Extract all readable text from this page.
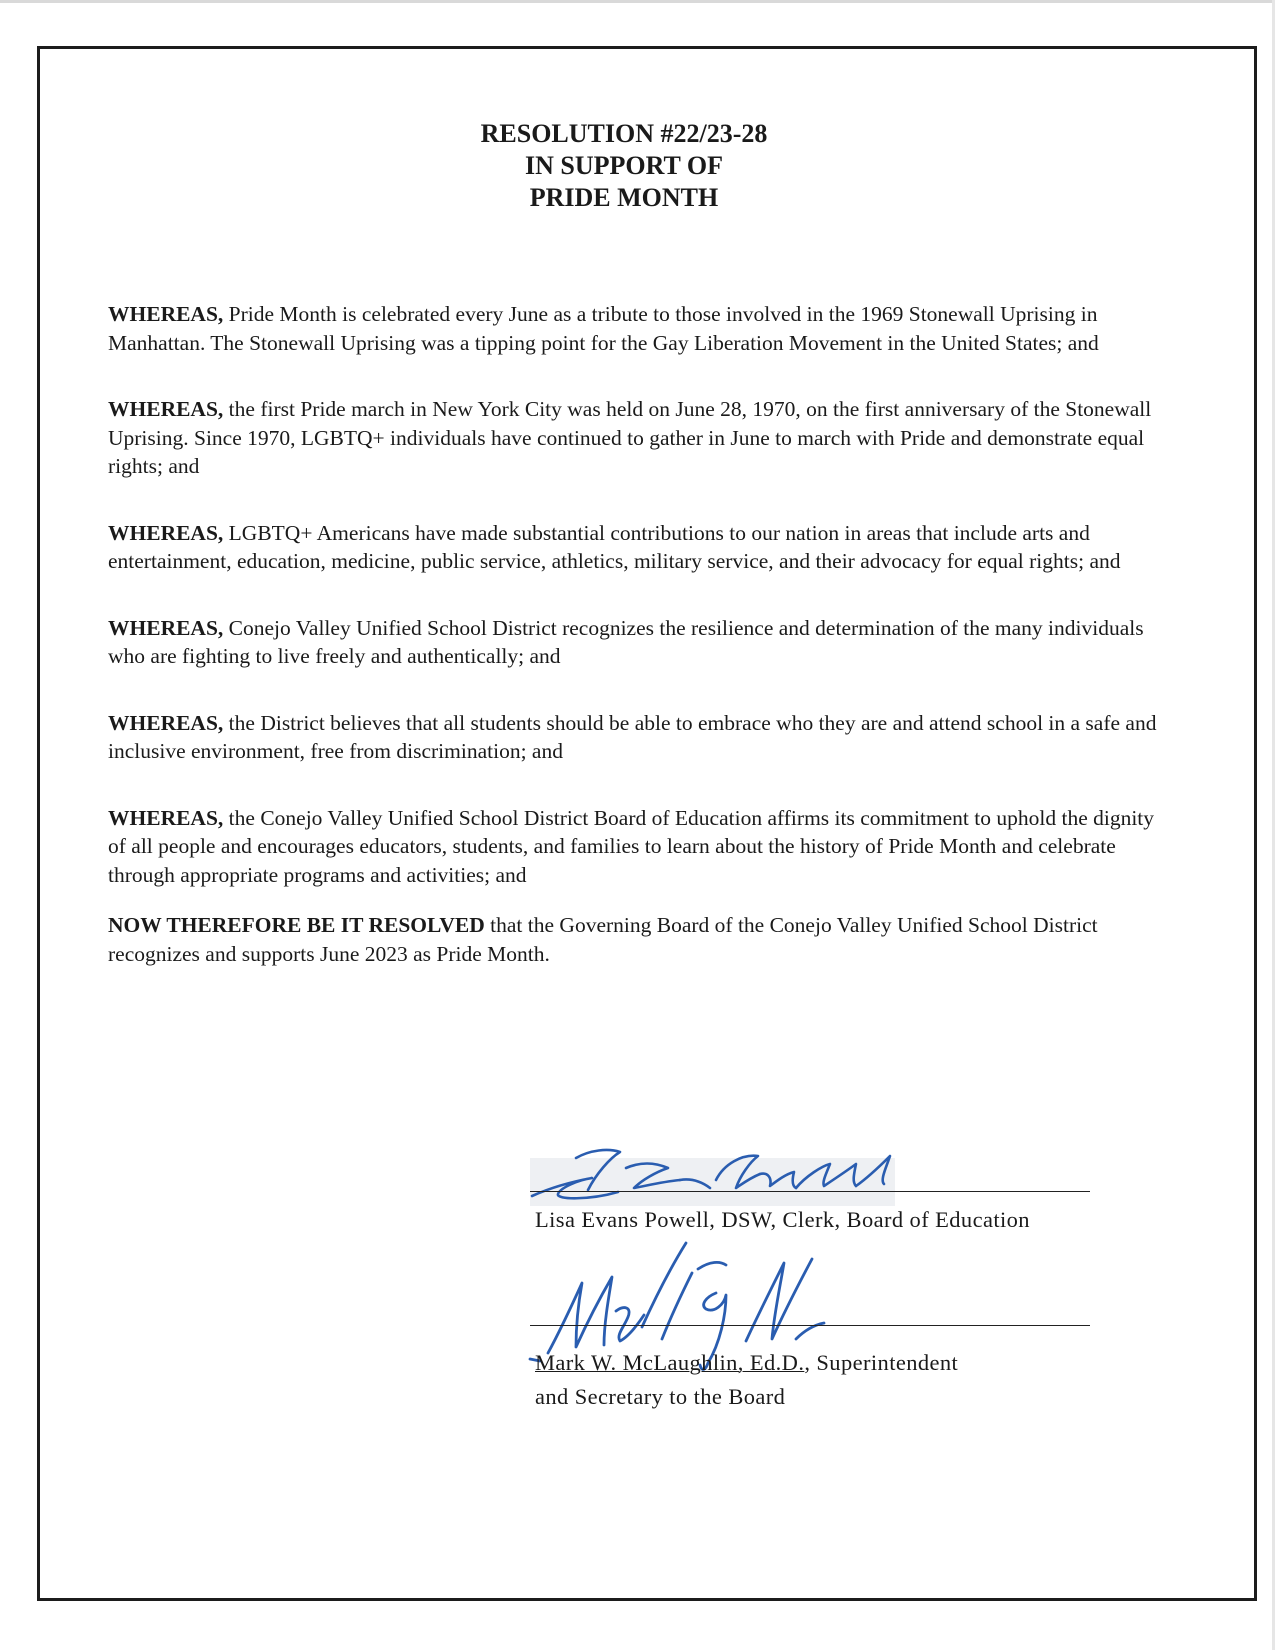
RESOLUTION #22/23-28
IN SUPPORT OF
PRIDE MONTH

WHEREAS, Pride Month is celebrated every June as a tribute to those involved in the 1969 Stonewall Uprising in Manhattan. The Stonewall Uprising was a tipping point for the Gay Liberation Movement in the United States; and

WHEREAS, the first Pride march in New York City was held on June 28, 1970, on the first anniversary of the Stonewall Uprising. Since 1970, LGBTQ+ individuals have continued to gather in June to march with Pride and demonstrate equal rights; and

WHEREAS, LGBTQ+ Americans have made substantial contributions to our nation in areas that include arts and entertainment, education, medicine, public service, athletics, military service, and their advocacy for equal rights; and

WHEREAS, Conejo Valley Unified School District recognizes the resilience and determination of the many individuals who are fighting to live freely and authentically; and

WHEREAS, the District believes that all students should be able to embrace who they are and attend school in a safe and inclusive environment, free from discrimination; and

WHEREAS, the Conejo Valley Unified School District Board of Education affirms its commitment to uphold the dignity of all people and encourages educators, students, and families to learn about the history of Pride Month and celebrate through appropriate programs and activities; and

NOW THEREFORE BE IT RESOLVED that the Governing Board of the Conejo Valley Unified School District recognizes and supports June 2023 as Pride Month.

Lisa Evans Powell, DSW, Clerk, Board of Education
Mark W. McLaughlin, Ed.D., Superintendent
and Secretary to the Board
